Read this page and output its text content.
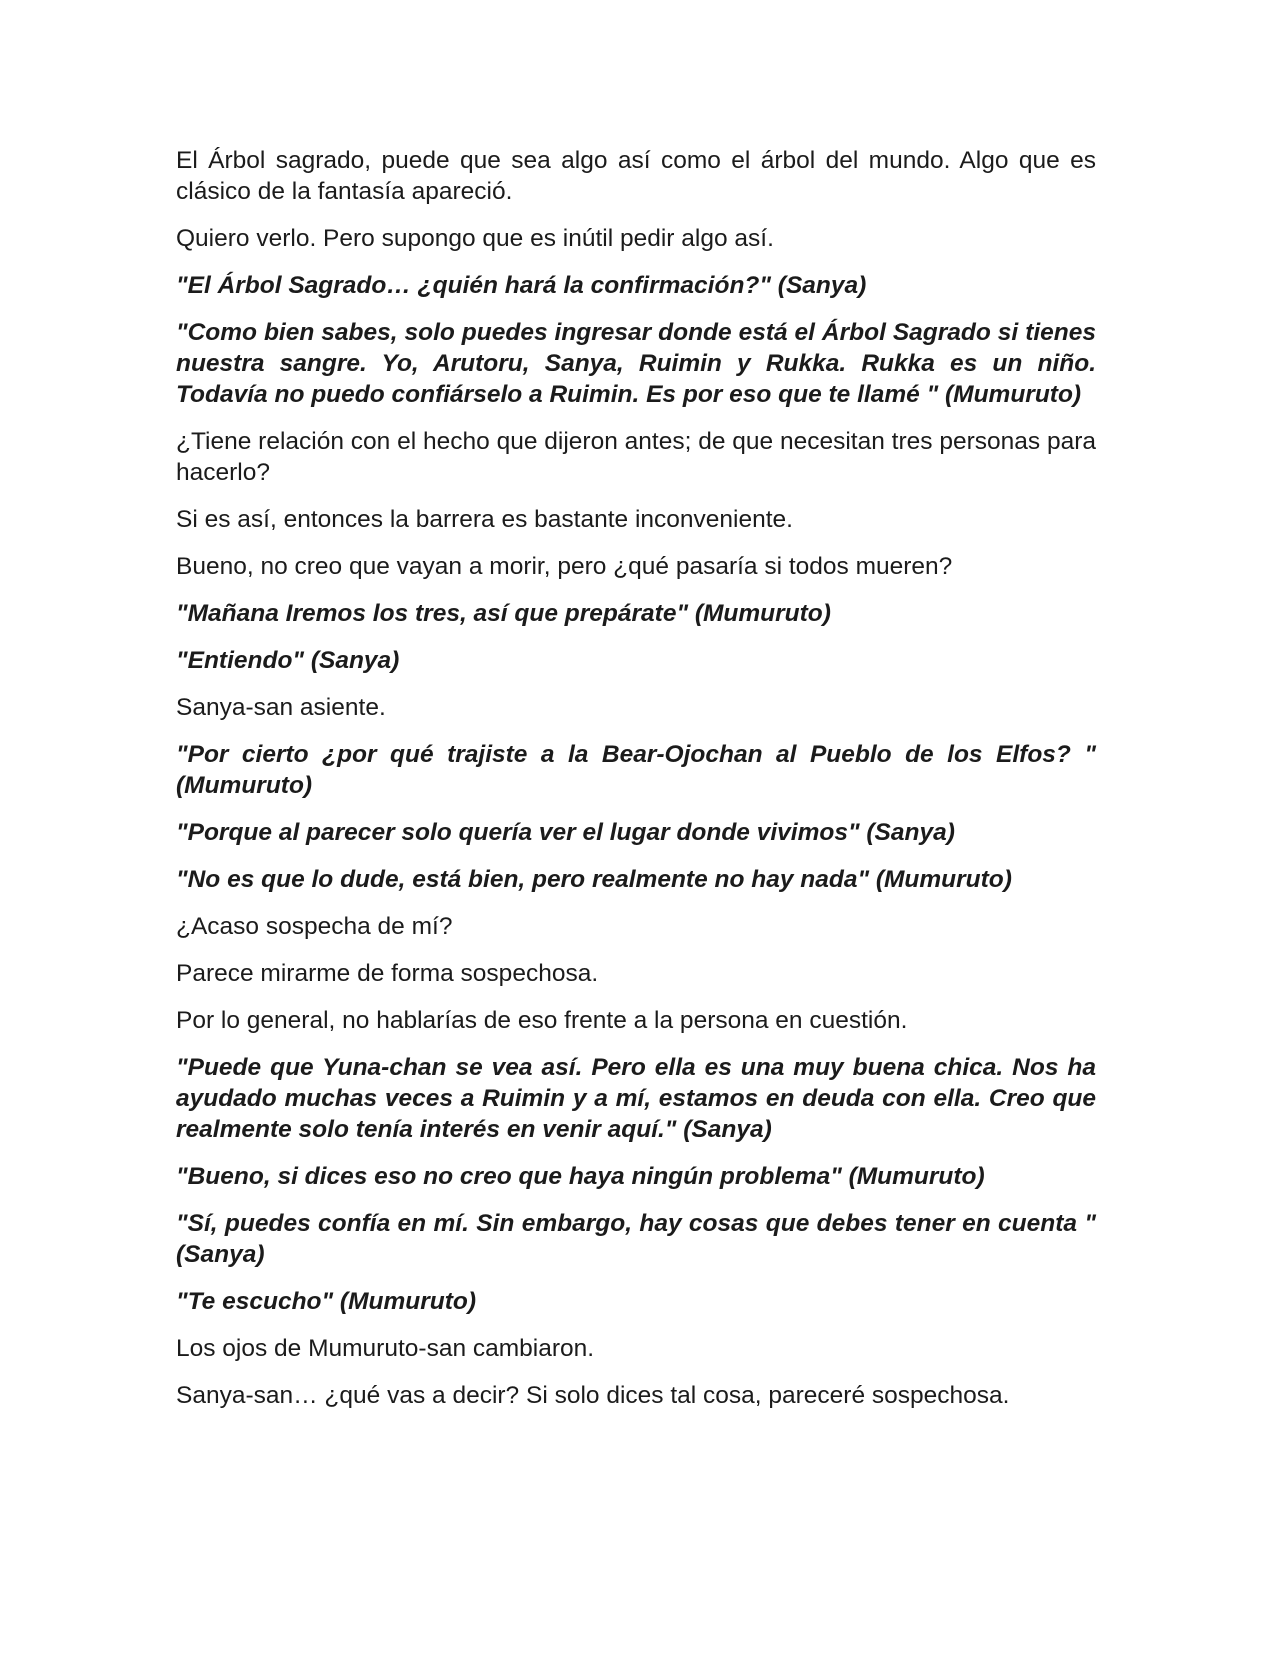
El Árbol sagrado, puede que sea algo así como el árbol del mundo. Algo que es clásico de la fantasía apareció.

Quiero verlo. Pero supongo que es inútil pedir algo así.

"El Árbol Sagrado… ¿quién hará la confirmación?" (Sanya)

"Como bien sabes, solo puedes ingresar donde está el Árbol Sagrado si tienes nuestra sangre. Yo, Arutoru, Sanya, Ruimin y Rukka. Rukka es un niño. Todavía no puedo confiárselo a Ruimin. Es por eso que te llamé " (Mumuruto)

¿Tiene relación con el hecho que dijeron antes; de que necesitan tres personas para hacerlo?

Si es así, entonces la barrera es bastante inconveniente.

Bueno, no creo que vayan a morir, pero ¿qué pasaría si todos mueren?

"Mañana Iremos los tres, así que prepárate" (Mumuruto)

"Entiendo" (Sanya)

Sanya-san asiente.

"Por cierto ¿por qué trajiste a la Bear-Ojochan al Pueblo de los Elfos? " (Mumuruto)

"Porque al parecer solo quería ver el lugar donde vivimos" (Sanya)

"No es que lo dude, está bien, pero realmente no hay nada" (Mumuruto)

¿Acaso sospecha de mí?

Parece mirarme de forma sospechosa.

Por lo general, no hablarías de eso frente a la persona en cuestión.

"Puede que Yuna-chan se vea así. Pero ella es una muy buena chica. Nos ha ayudado muchas veces a Ruimin y a mí, estamos en deuda con ella. Creo que realmente solo tenía interés en venir aquí." (Sanya)

"Bueno, si dices eso no creo que haya ningún problema" (Mumuruto)

"Sí, puedes confía en mí. Sin embargo, hay cosas que debes tener en cuenta " (Sanya)

"Te escucho" (Mumuruto)

Los ojos de Mumuruto-san cambiaron.

Sanya-san… ¿qué vas a decir? Si solo dices tal cosa, pareceré sospechosa.
